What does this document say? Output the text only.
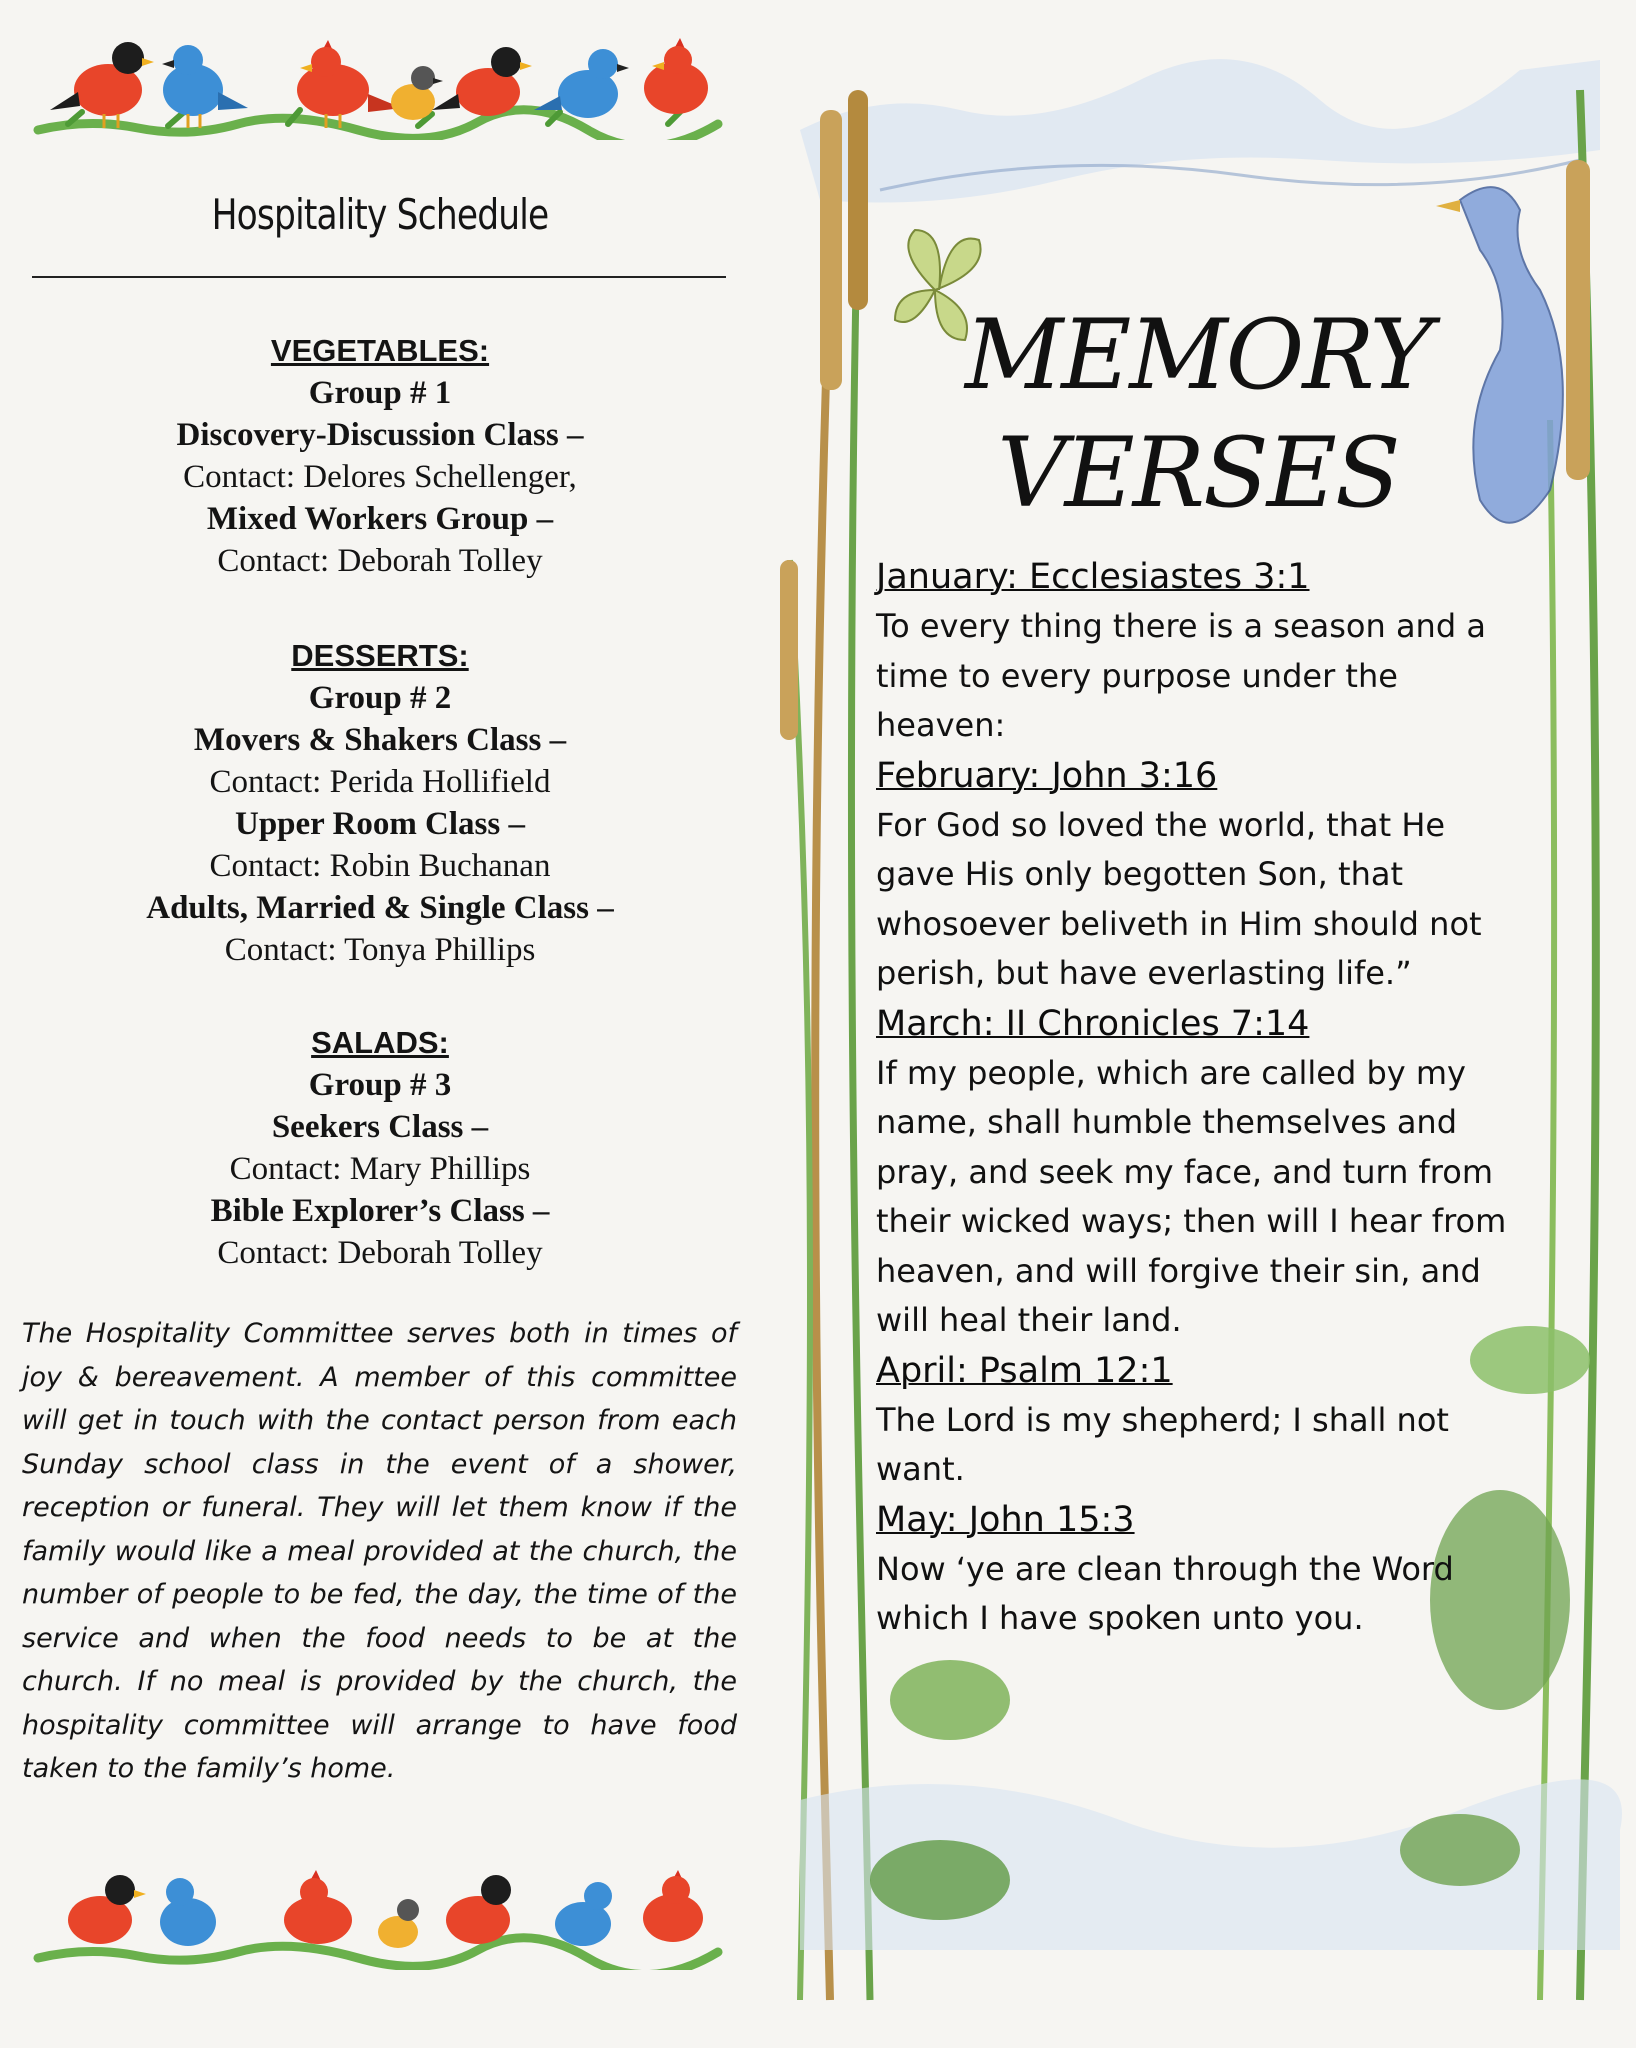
Hospitality Schedule
VEGETABLES:
Group # 1
Discovery-Discussion Class –
Contact: Delores Schellenger,
Mixed Workers Group –
Contact: Deborah Tolley
DESSERTS:
Group # 2
Movers & Shakers Class –
Contact: Perida Hollifield
Upper Room Class –
Contact: Robin Buchanan
Adults, Married & Single Class –
Contact: Tonya Phillips
SALADS:
Group # 3
Seekers Class –
Contact: Mary Phillips
Bible Explorer’s Class –
Contact: Deborah Tolley
The Hospitality Committee serves both in times of joy & bereavement. A member of this committee will get in touch with the contact person from each Sunday school class in the event of a shower, reception or funeral. They will let them know if the family would like a meal provided at the church, the number of people to be fed, the day, the time of the service and when the food needs to be at the church. If no meal is provided by the church, the hospitality committee will arrange to have food taken to the family’s home.
MEMORY
VERSES
January: Ecclesiastes 3:1
To every thing there is a season and a time to every purpose under the heaven:
February: John 3:16
For God so loved the world, that He gave His only begotten Son, that whosoever beliveth in Him should not perish, but have everlasting life.”
March: II Chronicles 7:14
If my people, which are called by my name, shall humble themselves and pray, and seek my face, and turn from their wicked ways; then will I hear from heaven, and will forgive their sin, and will heal their land.
April: Psalm 12:1
The Lord is my shepherd; I shall not want.
May: John 15:3
Now ‘ye are clean through the Word which I have spoken unto you.
